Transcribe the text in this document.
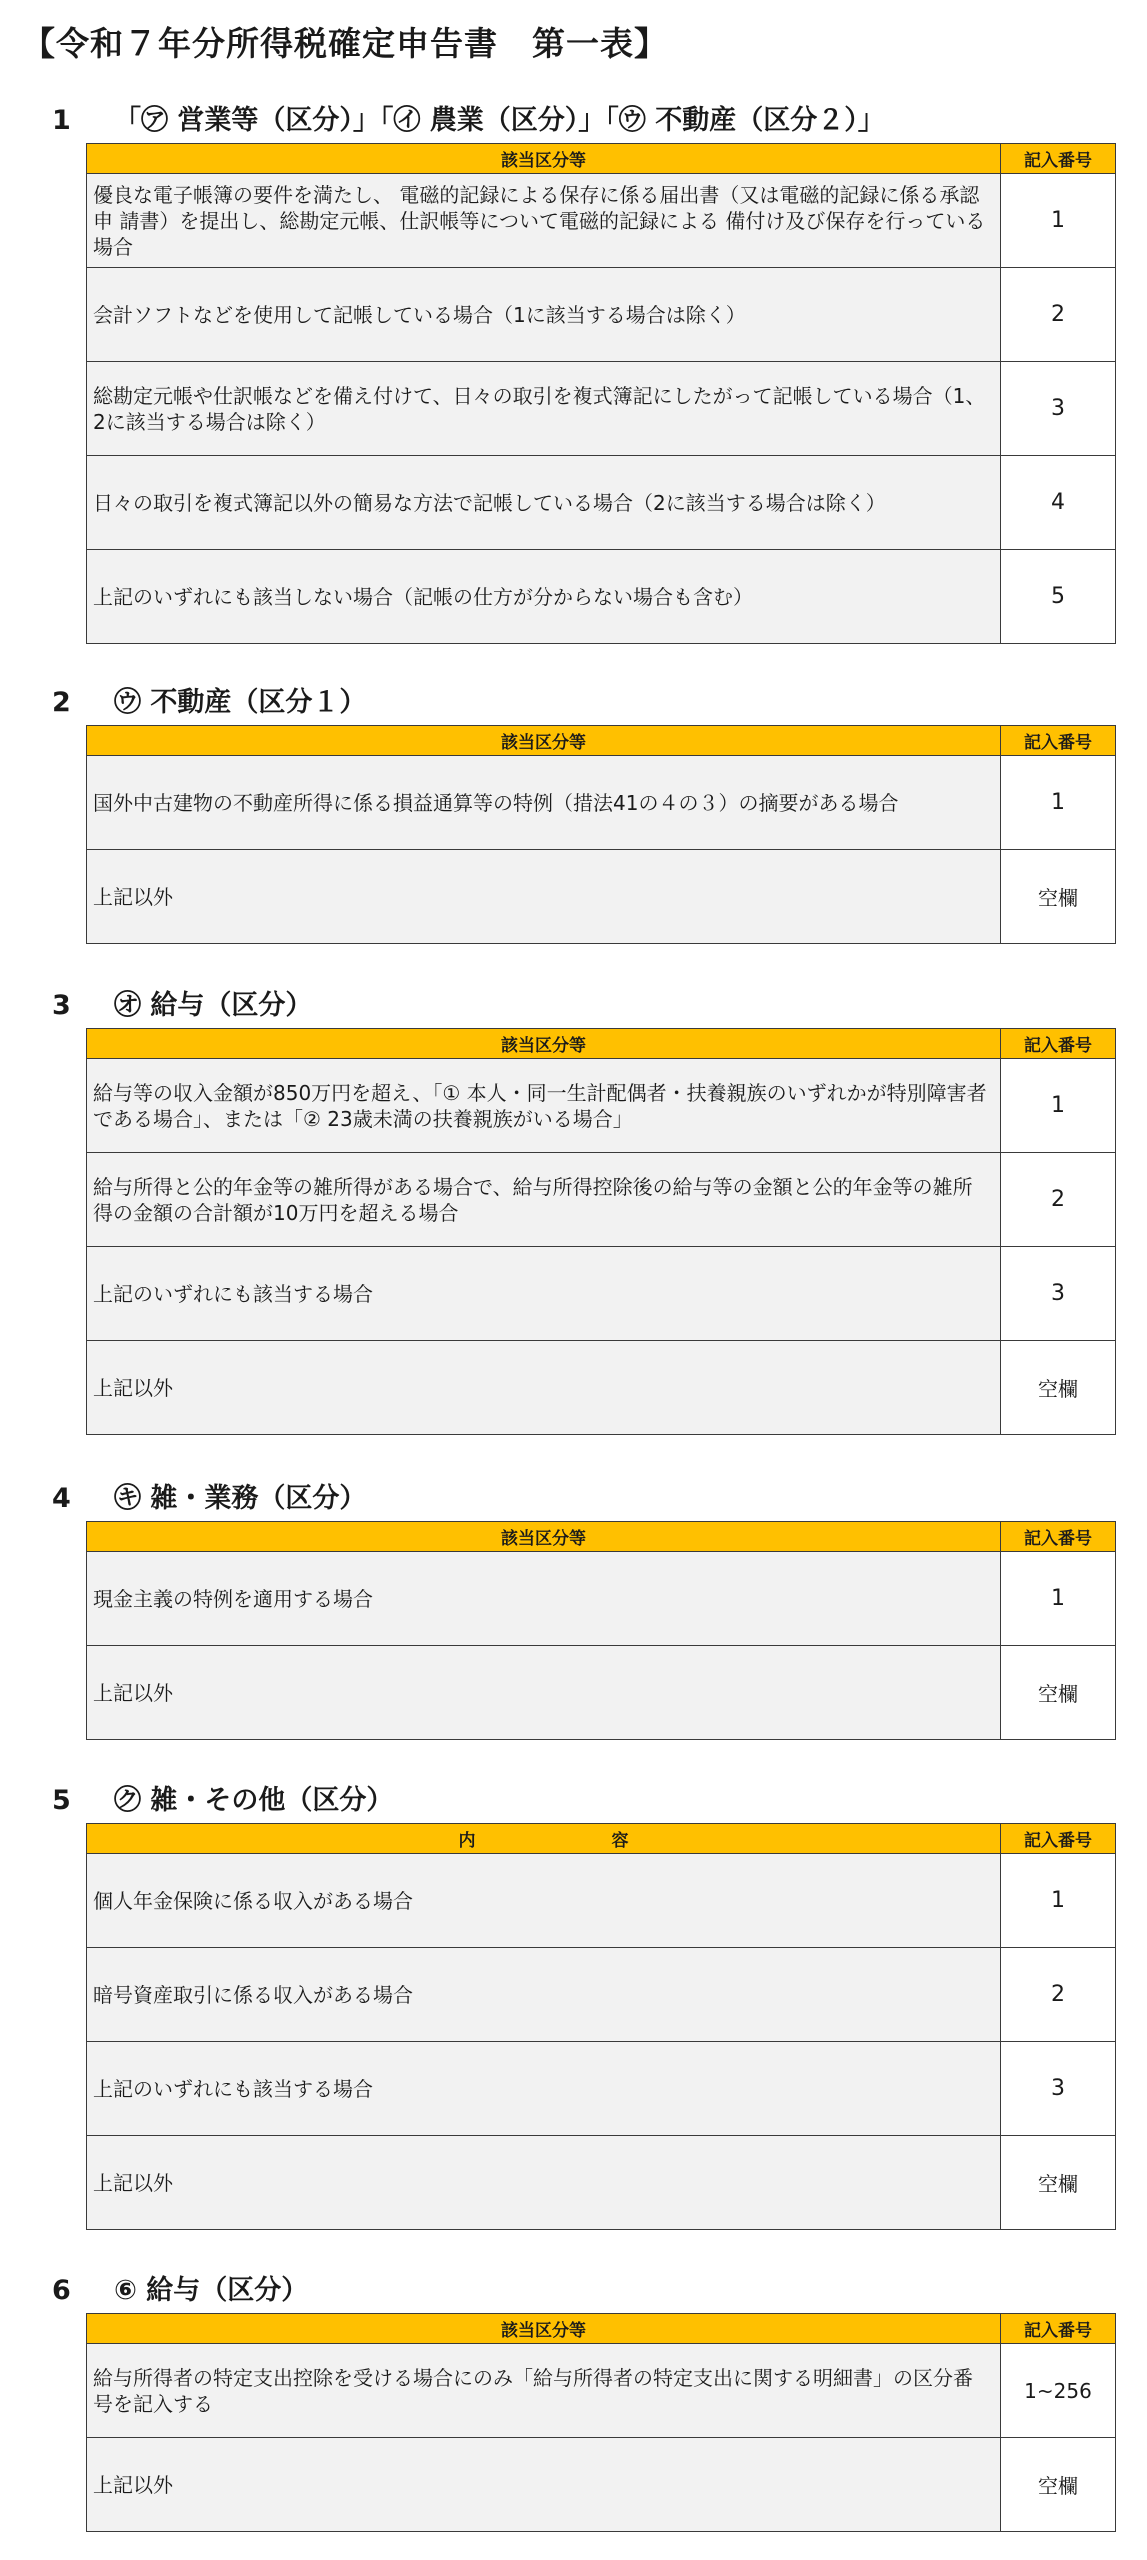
【令和７年分所得税確定申告書　第一表】
1 「㋐ 営業等（区分）」「㋑ 農業（区分）」「㋒ 不動産（区分２）」
該当区分等	記入番号
優良な電子帳簿の要件を満たし、 電磁的記録による保存に係る届出書（又は電磁的記録に係る承認申 請書）を提出し、総勘定元帳、仕訳帳等について電磁的記録による 備付け及び保存を行っている場合	1
会計ソフトなどを使用して記帳している場合（1に該当する場合は除く）	2
総勘定元帳や仕訳帳などを備え付けて、日々の取引を複式簿記にしたがって記帳している場合（1、2に該当する場合は除く）	3
日々の取引を複式簿記以外の簡易な方法で記帳している場合（2に該当する場合は除く）	4
上記のいずれにも該当しない場合（記帳の仕方が分からない場合も含む）	5
2 ㋒ 不動産（区分１）
該当区分等	記入番号
国外中古建物の不動産所得に係る損益通算等の特例（措法41の４の３）の摘要がある場合	1
上記以外	空欄
3 ㋔ 給与（区分）
該当区分等	記入番号
給与等の収入金額が850万円を超え、「① 本人・同一生計配偶者・扶養親族のいずれかが特別障害者である場合」、または「② 23歳未満の扶養親族がいる場合」	1
給与所得と公的年金等の雑所得がある場合で、給与所得控除後の給与等の金額と公的年金等の雑所得の金額の合計額が10万円を超える場合	2
上記のいずれにも該当する場合	3
上記以外	空欄
4 ㋖ 雑・業務（区分）
該当区分等	記入番号
現金主義の特例を適用する場合	1
上記以外	空欄
5 ㋗ 雑・その他（区分）
内　　　　　　　　容	記入番号
個人年金保険に係る収入がある場合	1
暗号資産取引に係る収入がある場合	2
上記のいずれにも該当する場合	3
上記以外	空欄
6 ⑥ 給与（区分）
該当区分等	記入番号
給与所得者の特定支出控除を受ける場合にのみ「給与所得者の特定支出に関する明細書」の区分番号を記入する	1~256
上記以外	空欄
